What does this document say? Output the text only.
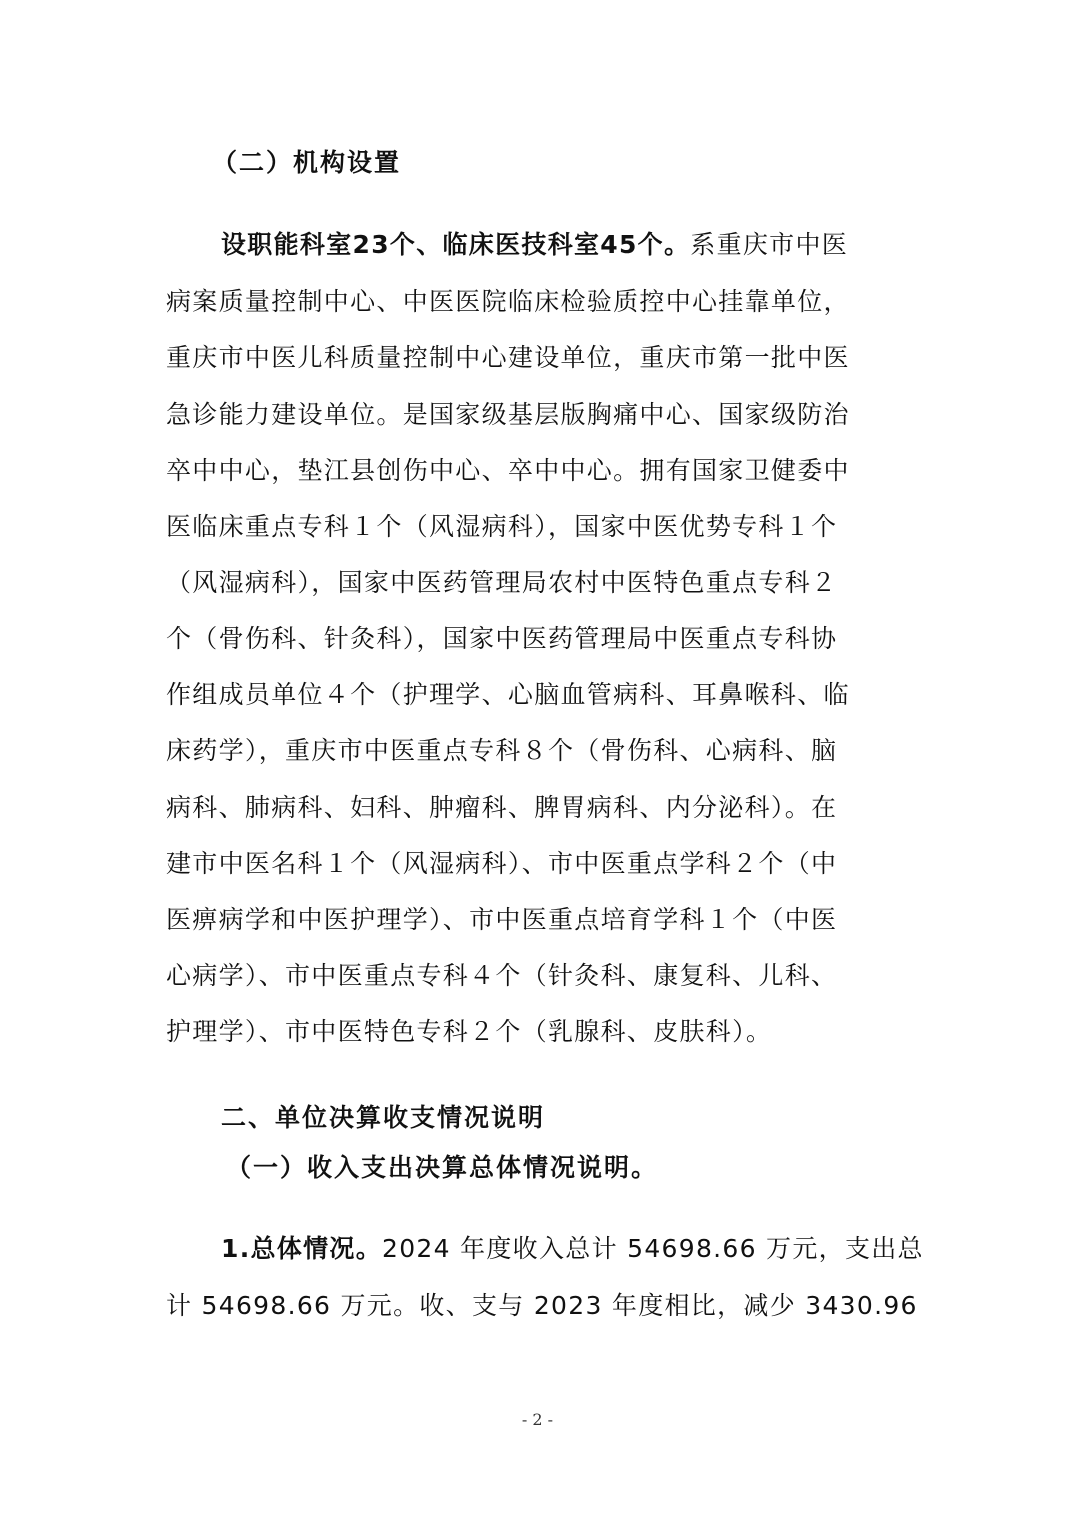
（二）机构设置
设职能科室23个、临床医技科室45个。系重庆市中医
病案质量控制中心、中医医院临床检验质控中心挂靠单位，
重庆市中医儿科质量控制中心建设单位，重庆市第一批中医
急诊能力建设单位。是国家级基层版胸痛中心、国家级防治
卒中中心，垫江县创伤中心、卒中中心。拥有国家卫健委中
医临床重点专科１个（风湿病科），国家中医优势专科１个
（风湿病科），国家中医药管理局农村中医特色重点专科２
个（骨伤科、针灸科），国家中医药管理局中医重点专科协
作组成员单位４个（护理学、心脑血管病科、耳鼻喉科、临
床药学），重庆市中医重点专科８个（骨伤科、心病科、脑
病科、肺病科、妇科、肿瘤科、脾胃病科、内分泌科）。在
建市中医名科１个（风湿病科）、市中医重点学科２个（中
医痹病学和中医护理学）、市中医重点培育学科１个（中医
心病学）、市中医重点专科４个（针灸科、康复科、儿科、
护理学）、市中医特色专科２个（乳腺科、皮肤科）。
二、单位决算收支情况说明
（一）收入支出决算总体情况说明。
1.总体情况。2024 年度收入总计 54698.66 万元，支出总
计 54698.66 万元。收、支与 2023 年度相比，减少 3430.96
- 2 -
